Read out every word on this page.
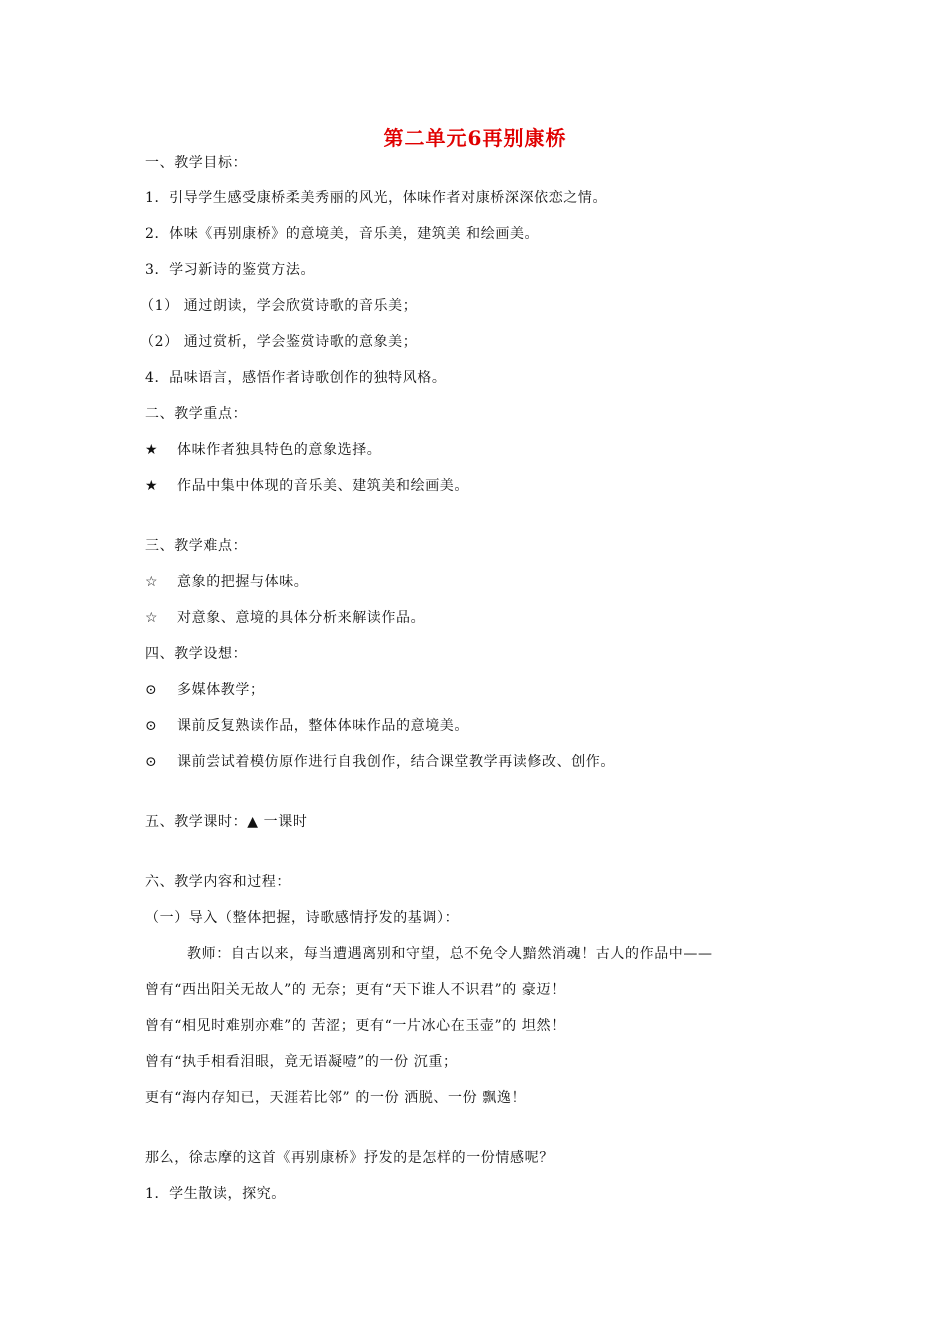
第二单元6再别康桥
一、教学目标：
1．引导学生感受康桥柔美秀丽的风光，体味作者对康桥深深依恋之情。
2．体味《再别康桥》的意境美，音乐美，建筑美 和绘画美。
3．学习新诗的鉴赏方法。
（1） 通过朗读，学会欣赏诗歌的音乐美；
（2） 通过赏析，学会鉴赏诗歌的意象美；
4．品味语言，感悟作者诗歌创作的独特风格。
二、教学重点：
★ 体味作者独具特色的意象选择。
★ 作品中集中体现的音乐美、建筑美和绘画美。
三、教学难点：
☆ 意象的把握与体味。
☆ 对意象、意境的具体分析来解读作品。
四、教学设想：
⊙ 多媒体教学；
⊙ 课前反复熟读作品，整体体味作品的意境美。
⊙ 课前尝试着模仿原作进行自我创作，结合课堂教学再读修改、创作。
五、教学课时：▲ 一课时
六、教学内容和过程：
（一）导入（整体把握，诗歌感情抒发的基调）：
教师：自古以来，每当遭遇离别和守望，总不免令人黯然消魂！古人的作品中——
曾有“西出阳关无故人”的 无奈；更有“天下谁人不识君”的 豪迈！
曾有“相见时难别亦难”的 苦涩；更有“一片冰心在玉壶”的 坦然！
曾有“执手相看泪眼，竟无语凝噎”的一份 沉重；
更有“海内存知已，天涯若比邻” 的一份 洒脱、一份 飘逸！
那么，徐志摩的这首《再别康桥》抒发的是怎样的一份情感呢？
1．学生散读，探究。
